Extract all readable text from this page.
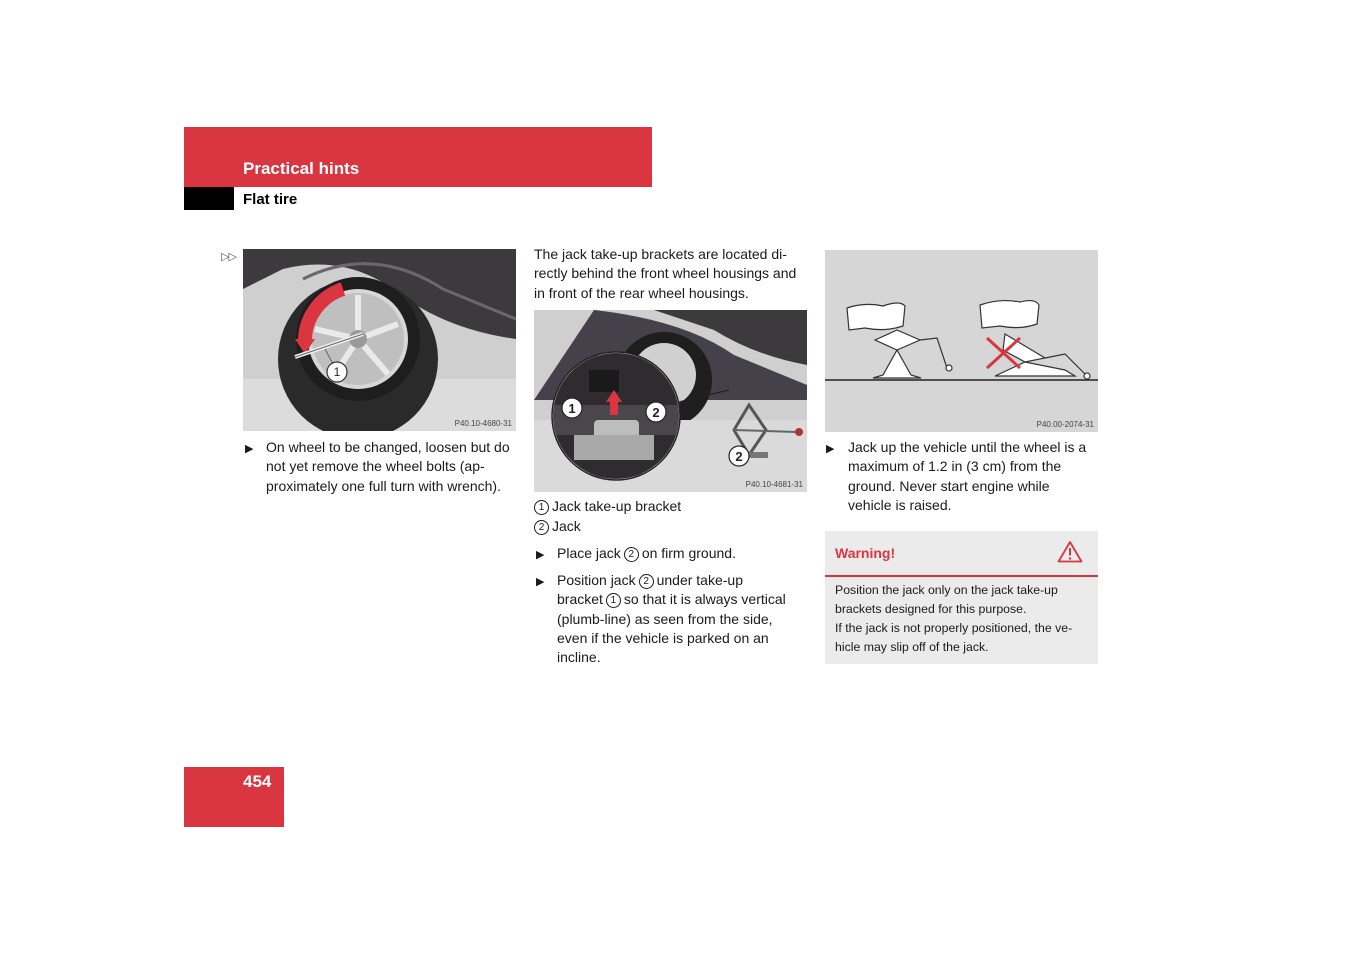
Practical hints
Flat tire
▷▷
1
P40.10-4680-31
▶ On wheel to be changed, loosen but do
not yet remove the wheel bolts (ap-
proximately one full turn with wrench).
The jack take-up brackets are located di-
rectly behind the front wheel housings and
in front of the rear wheel housings.
1	2
2
P40.10-4681-31
1 Jack take-up bracket
2 Jack
▶ Place jack 2 on firm ground.
▶ Position jack 2 under take-up
bracket 1 so that it is always vertical
(plumb-line) as seen from the side,
even if the vehicle is parked on an
incline.
P40.00-2074-31
▶ Jack up the vehicle until the wheel is a
maximum of 1.2 in (3 cm) from the
ground. Never start engine while
vehicle is raised.
Warning!
Position the jack only on the jack take-up
brackets designed for this purpose.
If the jack is not properly positioned, the ve-
hicle may slip off of the jack.
454
